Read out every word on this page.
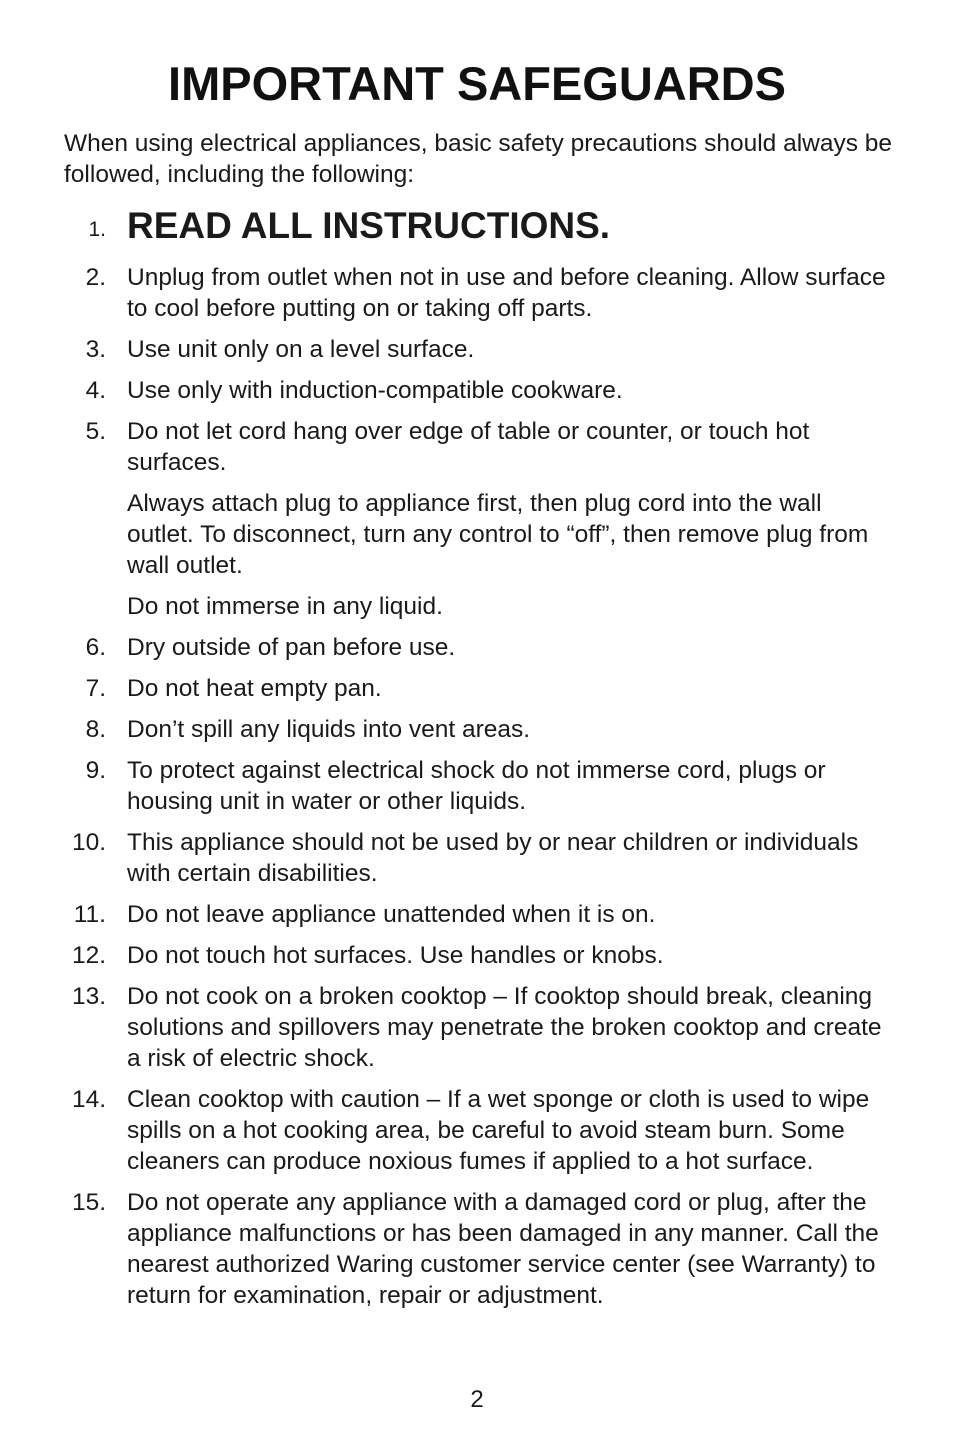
IMPORTANT SAFEGUARDS

When using electrical appliances, basic safety precautions should always be followed, including the following:

1. READ ALL INSTRUCTIONS.
2. Unplug from outlet when not in use and before cleaning. Allow surface to cool before putting on or taking off parts.
3. Use unit only on a level surface.
4. Use only with induction-compatible cookware.
5. Do not let cord hang over edge of table or counter, or touch hot surfaces.
Always attach plug to appliance first, then plug cord into the wall outlet. To disconnect, turn any control to “off”, then remove plug from wall outlet.
Do not immerse in any liquid.
6. Dry outside of pan before use.
7. Do not heat empty pan.
8. Don’t spill any liquids into vent areas.
9. To protect against electrical shock do not immerse cord, plugs or housing unit in water or other liquids.
10. This appliance should not be used by or near children or individuals with certain disabilities.
11. Do not leave appliance unattended when it is on.
12. Do not touch hot surfaces. Use handles or knobs.
13. Do not cook on a broken cooktop – If cooktop should break, cleaning solutions and spillovers may penetrate the broken cooktop and create a risk of electric shock.
14. Clean cooktop with caution – If a wet sponge or cloth is used to wipe spills on a hot cooking area, be careful to avoid steam burn. Some cleaners can produce noxious fumes if applied to a hot surface.
15. Do not operate any appliance with a damaged cord or plug, after the appliance malfunctions or has been damaged in any manner. Call the nearest authorized Waring customer service center (see Warranty) to return for examination, repair or adjustment.
2
